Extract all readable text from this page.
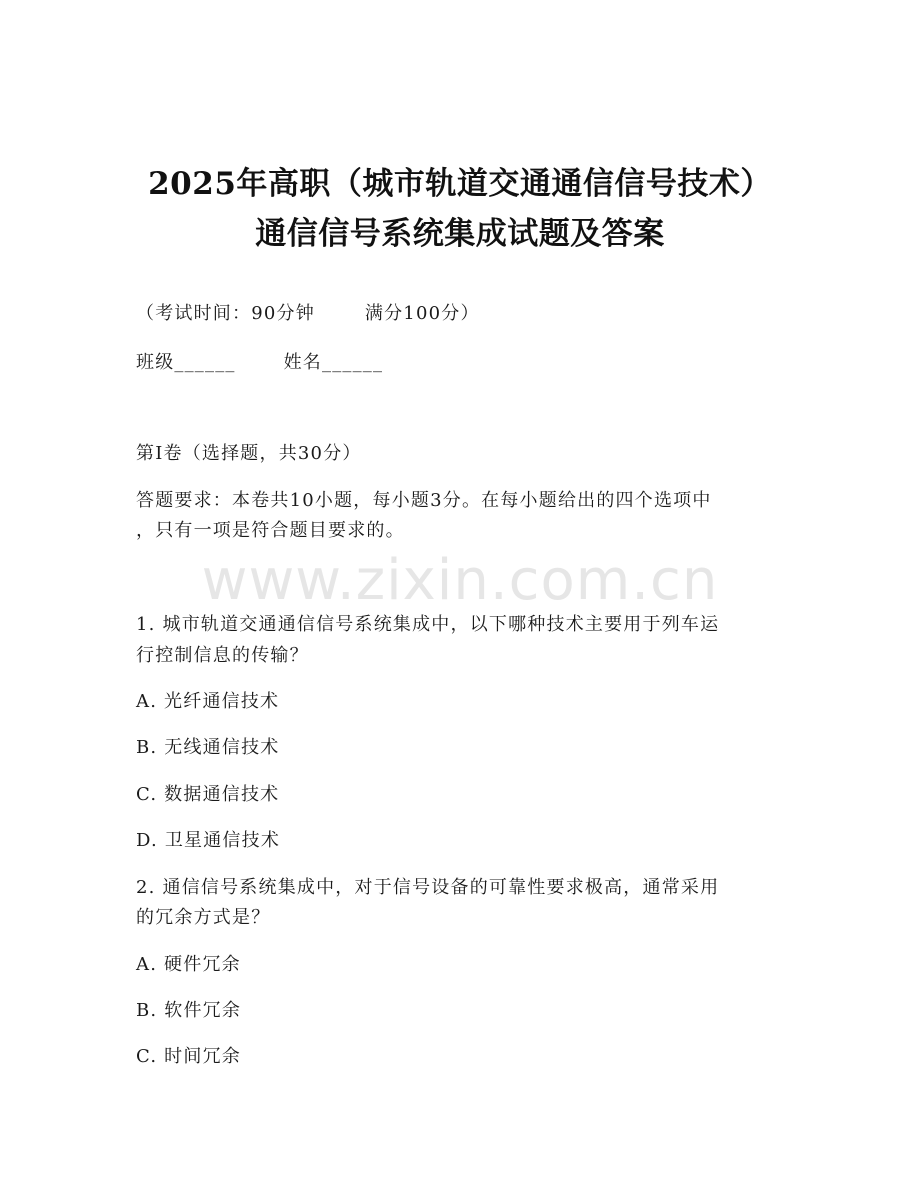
2025年高职（城市轨道交通通信信号技术）
通信信号系统集成试题及答案
（考试时间：90分钟	满分100分）
班级______	姓名______
第I卷（选择题，共30分）
答题要求：本卷共10小题，每小题3分。在每小题给出的四个选项中
，只有一项是符合题目要求的。
www.zixin.com.cn
1. 城市轨道交通通信信号系统集成中，以下哪种技术主要用于列车运
行控制信息的传输？
A. 光纤通信技术
B. 无线通信技术
C. 数据通信技术
D. 卫星通信技术
2. 通信信号系统集成中，对于信号设备的可靠性要求极高，通常采用
的冗余方式是？
A. 硬件冗余
B. 软件冗余
C. 时间冗余
